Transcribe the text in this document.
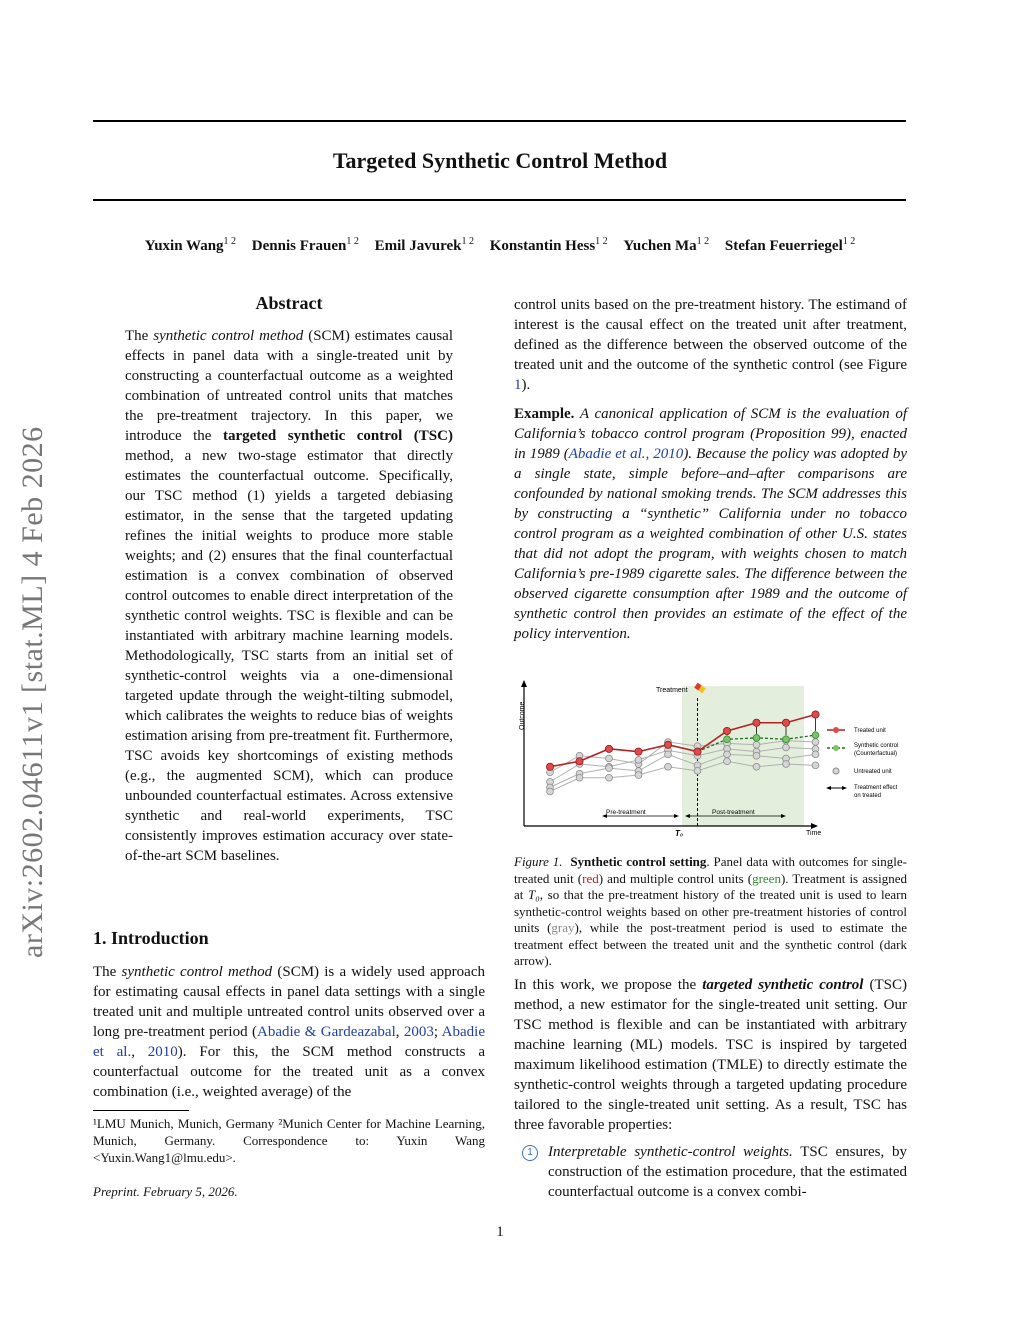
arXiv:2602.04611v1 [stat.ML] 4 Feb 2026
Targeted Synthetic Control Method
Yuxin Wang$^{1 2}$ Dennis Frauen$^{1 2}$ Emil Javurek$^{1 2}$ Konstantin Hess$^{1 2}$ Yuchen $Ma^{1 2}$ Stefan Feuerriegel$^{1 2}$
Abstract

The synthetic control method (SCM) estimates causal effects in panel data with a single-treated unit by constructing a counterfactual outcome as a weighted combination of untreated control units that matches the pre-treatment trajectory. In this paper, we introduce the targeted synthetic control (TSC) method, a new two-stage estimator that directly estimates the counterfactual outcome. Specifically, our TSC method (1) yields a targeted debiasing estimator, in the sense that the targeted updating refines the initial weights to produce more stable weights; and (2) ensures that the final counterfactual estimation is a convex combination of observed control outcomes to enable direct interpretation of the synthetic control weights. TSC is flexible and can be instantiated with arbitrary machine learning models. Methodologically, TSC starts from an initial set of synthetic-control weights via a one-dimensional targeted update through the weight-tilting submodel, which calibrates the weights to reduce bias of weights estimation arising from pre-treatment fit. Furthermore, TSC avoids key shortcomings of existing methods (e.g., the augmented SCM), which can produce unbounded counterfactual estimates. Across extensive synthetic and real-world experiments, TSC consistently improves estimation accuracy over state-of-the-art SCM baselines.

1. Introduction

The synthetic control method (SCM) is a widely used approach for estimating causal effects in panel data settings with a single treated unit and multiple untreated control units observed over a long pre-treatment period (Abadie & Gardeazabal, 2003; Abadie et al., 2010). For this, the SCM method constructs a counterfactual outcome for the treated unit as a convex combination (i.e., weighted average) of the

¹LMU Munich, Munich, Germany ²Munich Center for Machine Learning, Munich, Germany. Correspondence to: Yuxin Wang <Yuxin.Wang1@lmu.edu>.
Preprint. February 5, 2026.

control units based on the pre-treatment history. The estimand of interest is the causal effect on the treated unit after treatment, defined as the difference between the observed outcome of the treated unit and the outcome of the synthetic control (see Figure 1).

Example. A canonical application of SCM is the evaluation of California’s tobacco control program (Proposition 99), enacted in 1989 (Abadie et al., 2010). Because the policy was adopted by a single state, simple before–and–after comparisons are confounded by national smoking trends. The SCM addresses this by constructing a “synthetic” California under no tobacco control program as a weighted combination of other U.S. states that did not adopt the program, with weights chosen to match California’s pre-1989 cigarette sales. The difference between the observed cigarette consumption after 1989 and the outcome of synthetic control then provides an estimate of the effect of the policy intervention.

Outcome
Time
T₀
Treatment
Pre-treatment	Post-treatment
Treated unit
Synthetic control
(Counterfactual)
Untreated unit
Treatment effect
on treated
Figure 1. Synthetic control setting. Panel data with outcomes for single-treated unit (red) and multiple control units (green). Treatment is assigned at T₀, so that the pre-treatment history of the treated unit is used to learn synthetic-control weights based on other pre-treatment histories of control units (gray), while the post-treatment period is used to estimate the treatment effect between the treated unit and the synthetic control (dark arrow).

In this work, we propose the targeted synthetic control (TSC) method, a new estimator for the single-treated unit setting. Our TSC method is flexible and can be instantiated with arbitrary machine learning (ML) models. TSC is inspired by targeted maximum likelihood estimation (TMLE) to directly estimate the synthetic-control weights through a targeted updating procedure tailored to the single-treated unit setting. As a result, TSC has three favorable properties:

1	Interpretable synthetic-control weights. TSC ensures, by construction of the estimation procedure, that the estimated counterfactual outcome is a convex combi-
1
